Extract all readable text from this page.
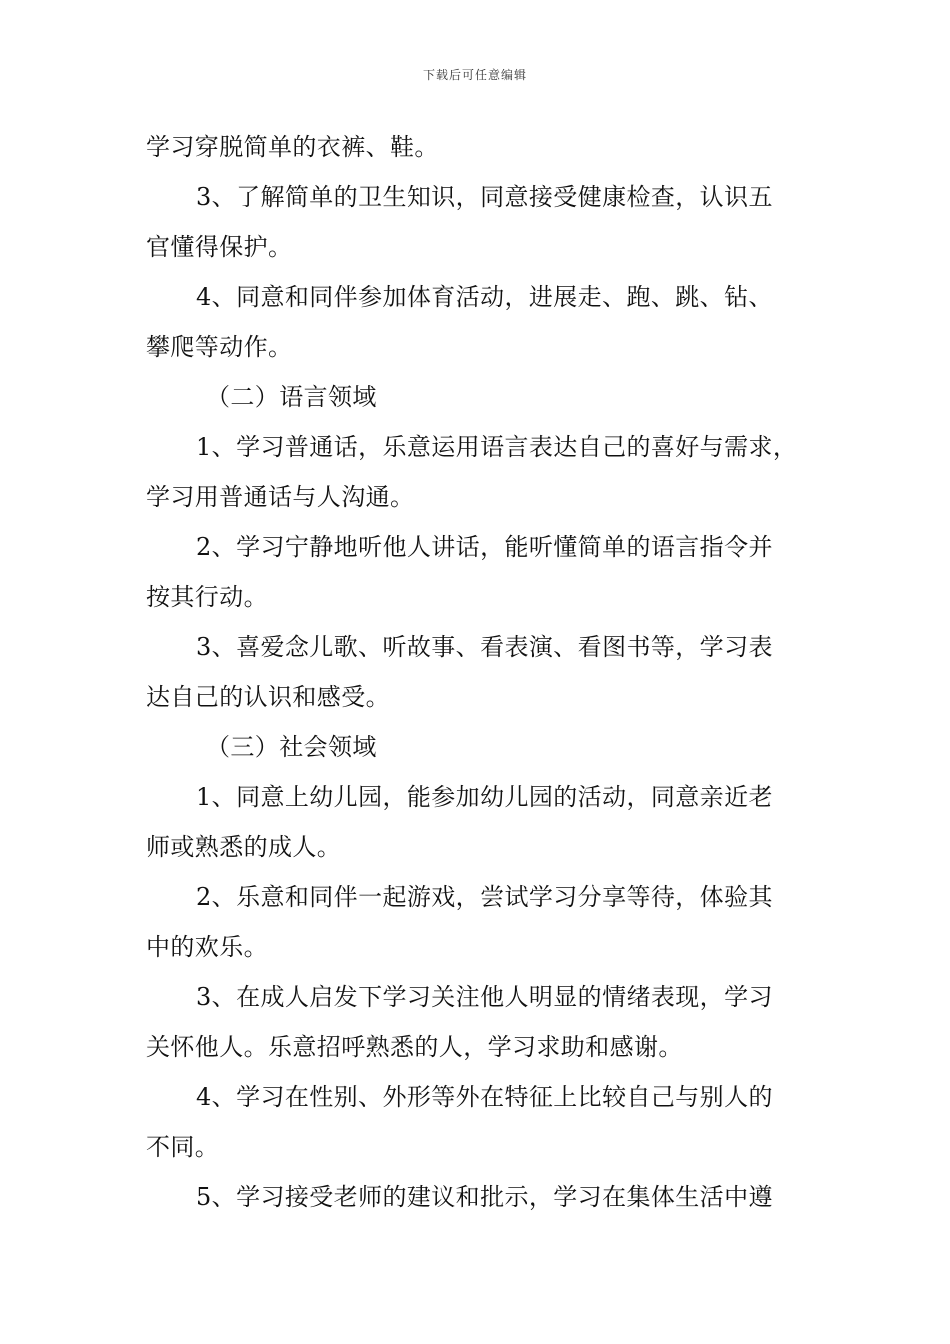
下载后可任意编辑
学习穿脱简单的衣裤、鞋。
3、了解简单的卫生知识，同意接受健康检查，认识五
官懂得保护。
4、同意和同伴参加体育活动，进展走、跑、跳、钻、
攀爬等动作。
（二）语言领域
1、学习普通话，乐意运用语言表达自己的喜好与需求，
学习用普通话与人沟通。
2、学习宁静地听他人讲话，能听懂简单的语言指令并
按其行动。
3、喜爱念儿歌、听故事、看表演、看图书等，学习表
达自己的认识和感受。
（三）社会领域
1、同意上幼儿园，能参加幼儿园的活动，同意亲近老
师或熟悉的成人。
2、乐意和同伴一起游戏，尝试学习分享等待，体验其
中的欢乐。
3、在成人启发下学习关注他人明显的情绪表现，学习
关怀他人。乐意招呼熟悉的人，学习求助和感谢。
4、学习在性别、外形等外在特征上比较自己与别人的
不同。
5、学习接受老师的建议和批示，学习在集体生活中遵
